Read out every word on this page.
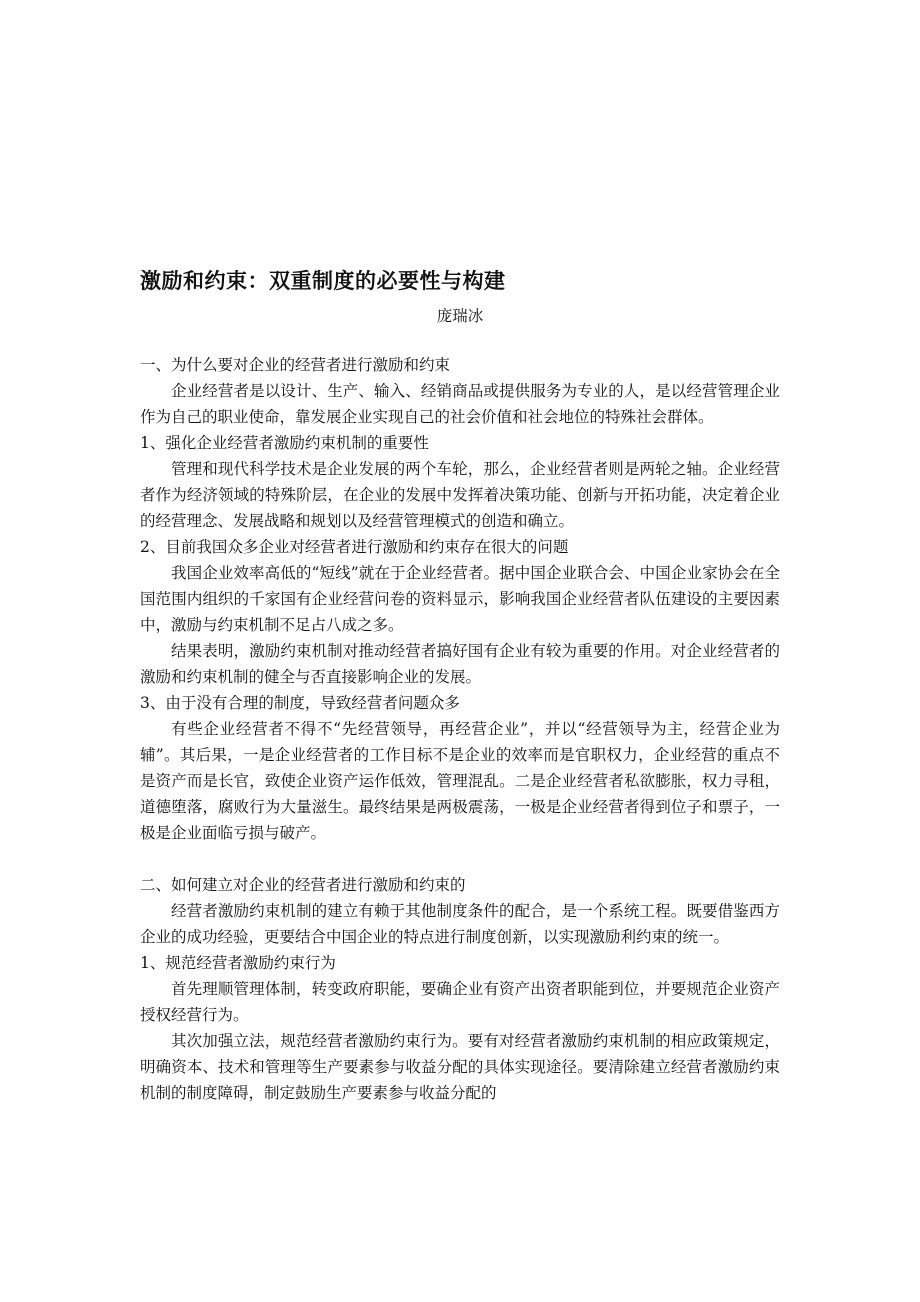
激励和约束：双重制度的必要性与构建

庞瑞冰

一、为什么要对企业的经营者进行激励和约束

企业经营者是以设计、生产、输入、经销商品或提供服务为专业的人，是以经营管理企业作为自己的职业使命，靠发展企业实现自己的社会价值和社会地位的特殊社会群体。

1、强化企业经营者激励约束机制的重要性

管理和现代科学技术是企业发展的两个车轮，那么，企业经营者则是两轮之轴。企业经营者作为经济领域的特殊阶层，在企业的发展中发挥着决策功能、创新与开拓功能，决定着企业的经营理念、发展战略和规划以及经营管理模式的创造和确立。

2、目前我国众多企业对经营者进行激励和约束存在很大的问题

我国企业效率高低的“短线”就在于企业经营者。据中国企业联合会、中国企业家协会在全国范围内组织的千家国有企业经营问卷的资料显示，影响我国企业经营者队伍建设的主要因素中，激励与约束机制不足占八成之多。

结果表明，激励约束机制对推动经营者搞好国有企业有较为重要的作用。对企业经营者的激励和约束机制的健全与否直接影响企业的发展。

3、由于没有合理的制度，导致经营者问题众多

有些企业经营者不得不“先经营领导，再经营企业”，并以“经营领导为主，经营企业为辅”。其后果，一是企业经营者的工作目标不是企业的效率而是官职权力，企业经营的重点不是资产而是长官，致使企业资产运作低效，管理混乱。二是企业经营者私欲膨胀，权力寻租，道德堕落，腐败行为大量滋生。最终结果是两极震荡，一极是企业经营者得到位子和票子，一极是企业面临亏损与破产。

二、如何建立对企业的经营者进行激励和约束的

经营者激励约束机制的建立有赖于其他制度条件的配合，是一个系统工程。既要借鉴西方企业的成功经验，更要结合中国企业的特点进行制度创新，以实现激励利约束的统一。

1、规范经营者激励约束行为

首先理顺管理体制，转变政府职能，要确企业有资产出资者职能到位，并要规范企业资产授权经营行为。

其次加强立法，规范经营者激励约束行为。要有对经营者激励约束机制的相应政策规定，明确资本、技术和管理等生产要素参与收益分配的具体实现途径。要清除建立经营者激励约束机制的制度障碍，制定鼓励生产要素参与收益分配的
